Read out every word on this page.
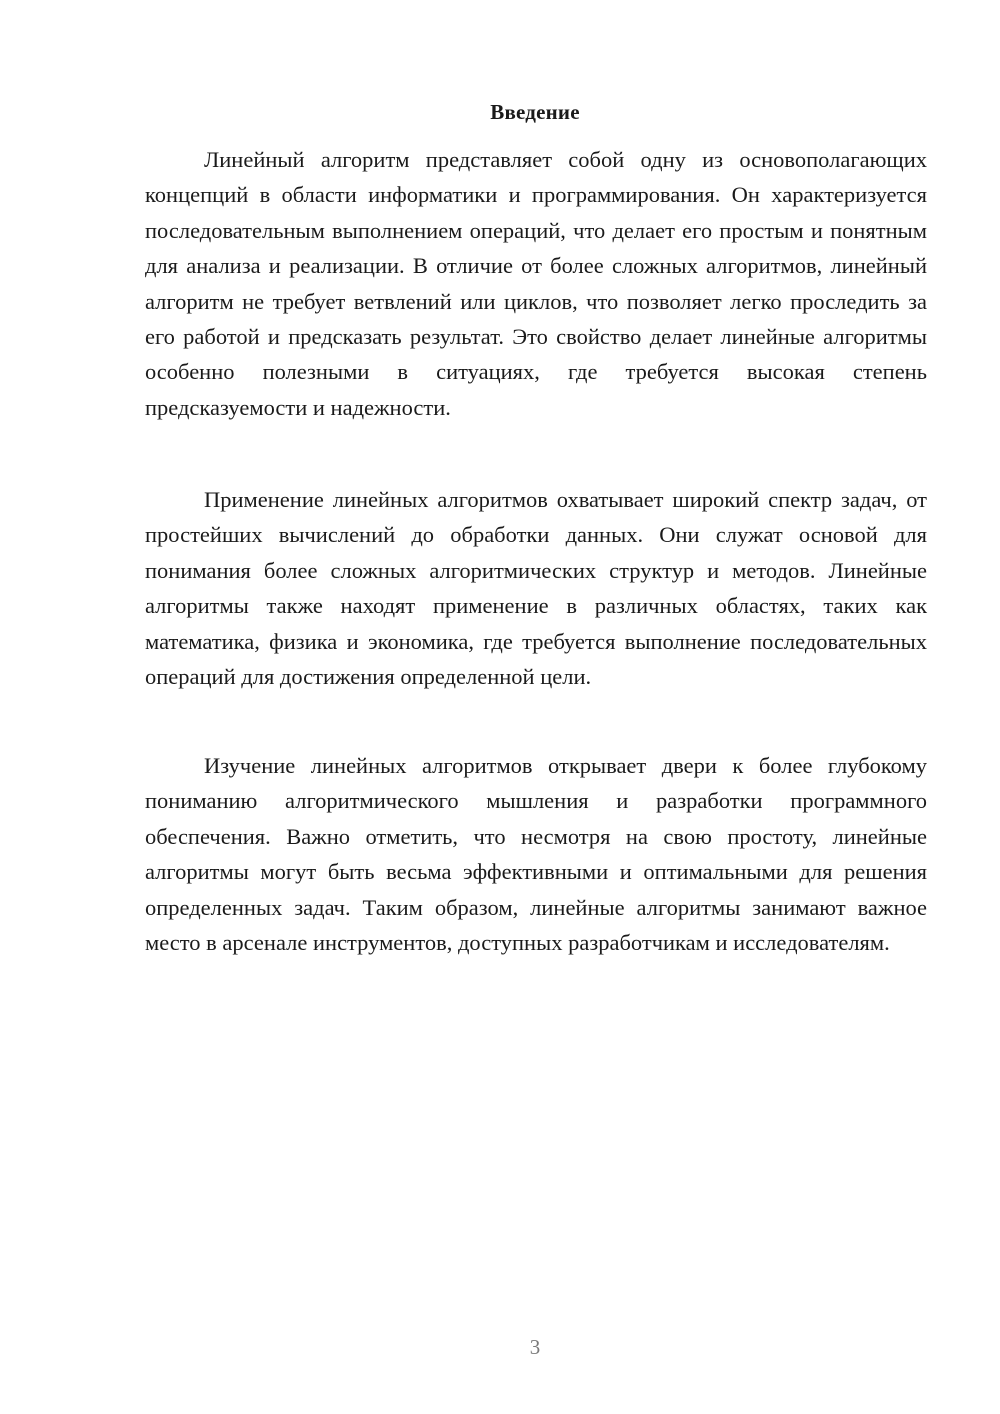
Введение

Линейный алгоритм представляет собой одну из основополагающих концепций в области информатики и программирования. Он характеризуется последовательным выполнением операций, что делает его простым и понятным для анализа и реализации. В отличие от более сложных алгоритмов, линейный алгоритм не требует ветвлений или циклов, что позволяет легко проследить за его работой и предсказать результат. Это свойство делает линейные алгоритмы особенно полезными в ситуациях, где требуется высокая степень предсказуемости и надежности.

Применение линейных алгоритмов охватывает широкий спектр задач, от простейших вычислений до обработки данных. Они служат основой для понимания более сложных алгоритмических структур и методов. Линейные алгоритмы также находят применение в различных областях, таких как математика, физика и экономика, где требуется выполнение последовательных операций для достижения определенной цели.

Изучение линейных алгоритмов открывает двери к более глубокому пониманию алгоритмического мышления и разработки программного обеспечения. Важно отметить, что несмотря на свою простоту, линейные алгоритмы могут быть весьма эффективными и оптимальными для решения определенных задач. Таким образом, линейные алгоритмы занимают важное место в арсенале инструментов, доступных разработчикам и исследователям.

3
